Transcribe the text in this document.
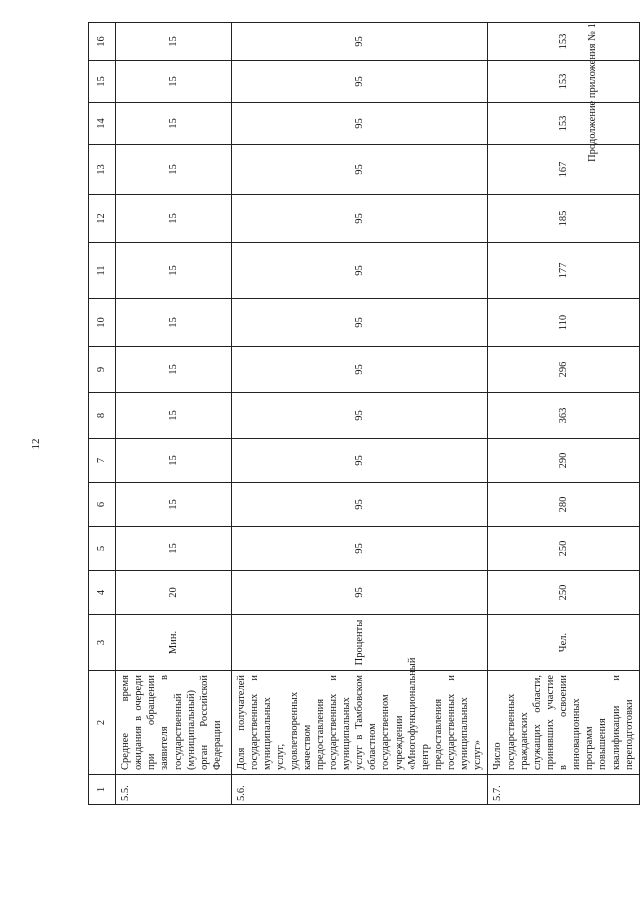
12
Продолжение приложения № 1
1	2	3	4	5	6	7	8	9	10	11	12	13	14	15	16
5.5.	Среднее время ожидания в очереди при обращении заявителя в государственный (муниципальный) орган Российской Федерации	Мин.	20	15	15	15	15	15	15	15	15	15	15	15	15
5.6.	Доля получателей государственных и муниципальных услуг, удовлетворенных качеством предоставления государственных и муниципальных услуг в Тамбовском областном государственном учреждении «Многофункциональный центр предоставления государственных и муниципальных услуг»	Проценты	95	95	95	95	95	95	95	95	95	95	95	95	95
5.7.	Число государственных гражданских служащих области, принявших участие в освоении инновационных программ повышения квалификации и переподготовки	Чел.	250	250	280	290	363	296	110	177	185	167	153	153	153
